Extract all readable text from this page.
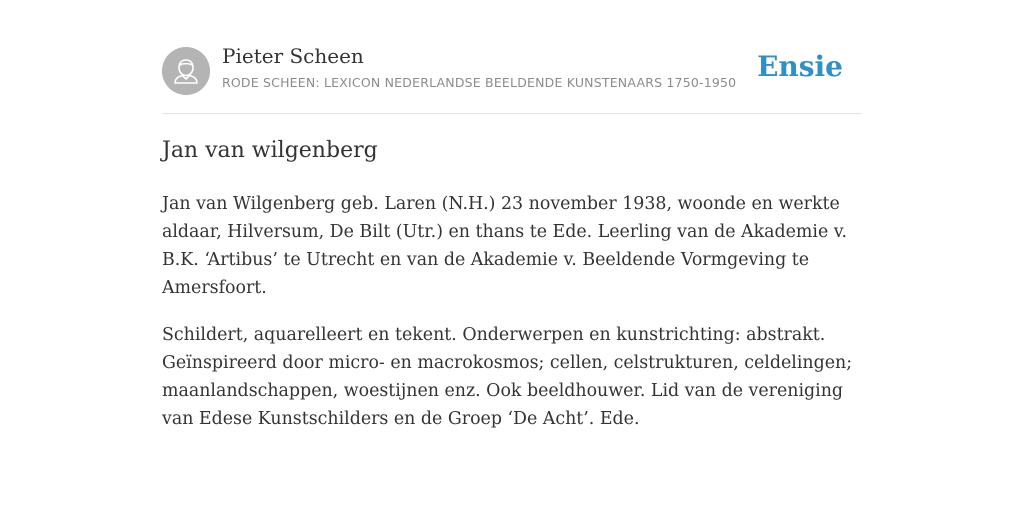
Pieter Scheen
RODE SCHEEN: LEXICON NEDERLANDSE BEELDENDE KUNSTENAARS 1750-1950 Ensie
Jan van wilgenberg

Jan van Wilgenberg geb. Laren (N.H.) 23 november 1938, woonde en werkte aldaar, Hilversum, De Bilt (Utr.) en thans te Ede. Leerling van de Akademie v. B.K. ‘Artibus’ te Utrecht en van de Akademie v. Beeldende Vormgeving te Amersfoort.

Schildert, aquarelleert en tekent. Onderwerpen en kunstrichting: abstrakt. Geïnspireerd door micro- en macrokosmos; cellen, celstrukturen, celdelingen; maanlandschappen, woestijnen enz. Ook beeldhouwer. Lid van de vereniging van Edese Kunstschilders en de Groep ‘De Acht’. Ede.
